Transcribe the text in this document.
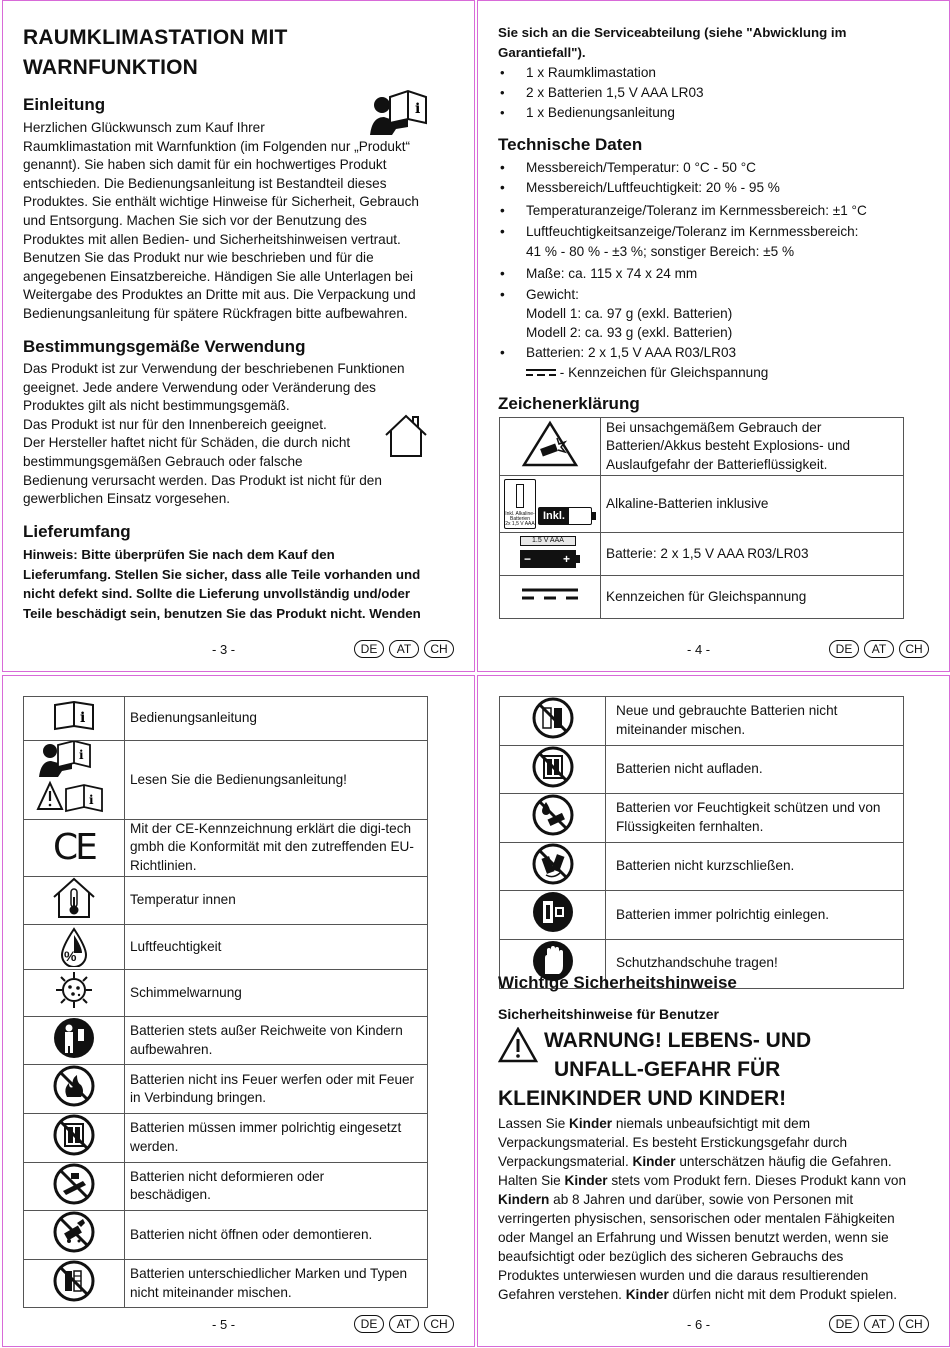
RAUMKLIMASTATION MIT
WARNFUNKTION
Einleitung	i
Herzlichen Glückwunsch zum Kauf Ihrer
Raumklimastation mit Warnfunktion (im Folgenden nur „Produkt“
genannt). Sie haben sich damit für ein hochwertiges Produkt
entschieden. Die Bedienungsanleitung ist Bestandteil dieses
Produktes. Sie enthält wichtige Hinweise für Sicherheit, Gebrauch
und Entsorgung. Machen Sie sich vor der Benutzung des
Produktes mit allen Bedien- und Sicherheitshinweisen vertraut.
Benutzen Sie das Produkt nur wie beschrieben und für die
angegebenen Einsatzbereiche. Händigen Sie alle Unterlagen bei
Weitergabe des Produktes an Dritte mit aus. Die Verpackung und
Bedienungsanleitung für spätere Rückfragen bitte aufbewahren.
Bestimmungsgemäße Verwendung
Das Produkt ist zur Verwendung der beschriebenen Funktionen
geeignet. Jede andere Verwendung oder Veränderung des
Produktes gilt als nicht bestimmungsgemäß.
Das Produkt ist nur für den Innenbereich geeignet.
Der Hersteller haftet nicht für Schäden, die durch nicht
bestimmungsgemäßen Gebrauch oder falsche
Bedienung verursacht werden. Das Produkt ist nicht für den
gewerblichen Einsatz vorgesehen.
Lieferumfang
Hinweis: Bitte überprüfen Sie nach dem Kauf den
Lieferumfang. Stellen Sie sicher, dass alle Teile vorhanden und
nicht defekt sind. Sollte die Lieferung unvollständig und/oder
Teile beschädigt sein, benutzen Sie das Produkt nicht. Wenden
- 3 -	DE	AT	CH
Sie sich an die Serviceabteilung (siehe "Abwicklung im
Garantiefall").
• 1 x Raumklimastation
• 2 x Batterien 1,5 V AAA LR03
• 1 x Bedienungsanleitung
Technische Daten
• Messbereich/Temperatur: 0 °C - 50 °C
• Messbereich/Luftfeuchtigkeit: 20 % - 95 %
• Temperaturanzeige/Toleranz im Kernmessbereich: ±1 °C
• Luftfeuchtigkeitsanzeige/Toleranz im Kernmessbereich:
41 % - 80 % - ±3 %; sonstiger Bereich: ±5 %
• Maße: ca. 115 x 74 x 24 mm
• Gewicht:
Modell 1: ca. 97 g (exkl. Batterien)
Modell 2: ca. 93 g (exkl. Batterien)
• Batterien: 2 x 1,5 V AAA R03/LR03
- Kennzeichen für Gleichspannung
Zeichenerklärung

Bei unsachgemäßem Gebrauch der
Batterien/Akkus besteht Explosions- und
Auslaufgefahr der Batterieflüssigkeit.

Inkl. Alkaline-
Batterien
2x 1,5 V AAA
Inkl.	Alkaline-Batterien inklusive

1.5 V AAA
− +	Batterie: 2 x 1,5 V AAA R03/LR03

Kennzeichen für Gleichspannung
- 4 -	DE	AT	CH
i	Bedienungsanleitung

i
i	Lesen Sie die Bedienungsanleitung!

CE	Mit der CE-Kennzeichnung erklärt die digi-tech
gmbh die Konformität mit den zutreffenden EU-
Richtlinien.

Temperatur innen

%	Luftfeuchtigkeit

Schimmelwarnung

Batterien stets außer Reichweite von Kindern
aufbewahren.

Batterien nicht ins Feuer werfen oder mit Feuer
in Verbindung bringen.

Batterien müssen immer polrichtig eingesetzt
werden.

Batterien nicht deformieren oder
beschädigen.

Batterien nicht öffnen oder demontieren.

Batterien unterschiedlicher Marken und Typen
nicht miteinander mischen.
- 5 -	DE	AT	CH

Neue und gebrauchte Batterien nicht
miteinander mischen.

Batterien nicht aufladen.

Batterien vor Feuchtigkeit schützen und von
Flüssigkeiten fernhalten.

Batterien nicht kurzschließen.

Batterien immer polrichtig einlegen.

Schutzhandschuhe tragen!
Wichtige Sicherheitshinweise
Sicherheitshinweise für Benutzer
WARNUNG! LEBENS- UND
UNFALL-GEFAHR FÜR
KLEINKINDER UND KINDER!
Lassen Sie Kinder niemals unbeaufsichtigt mit dem
Verpackungsmaterial. Es besteht Erstickungsgefahr durch
Verpackungsmaterial. Kinder unterschätzen häufig die Gefahren.
Halten Sie Kinder stets vom Produkt fern. Dieses Produkt kann von
Kindern ab 8 Jahren und darüber, sowie von Personen mit
verringerten physischen, sensorischen oder mentalen Fähigkeiten
oder Mangel an Erfahrung und Wissen benutzt werden, wenn sie
beaufsichtigt oder bezüglich des sicheren Gebrauchs des
Produktes unterwiesen wurden und die daraus resultierenden
Gefahren verstehen. Kinder dürfen nicht mit dem Produkt spielen.
- 6 -	DE	AT	CH
